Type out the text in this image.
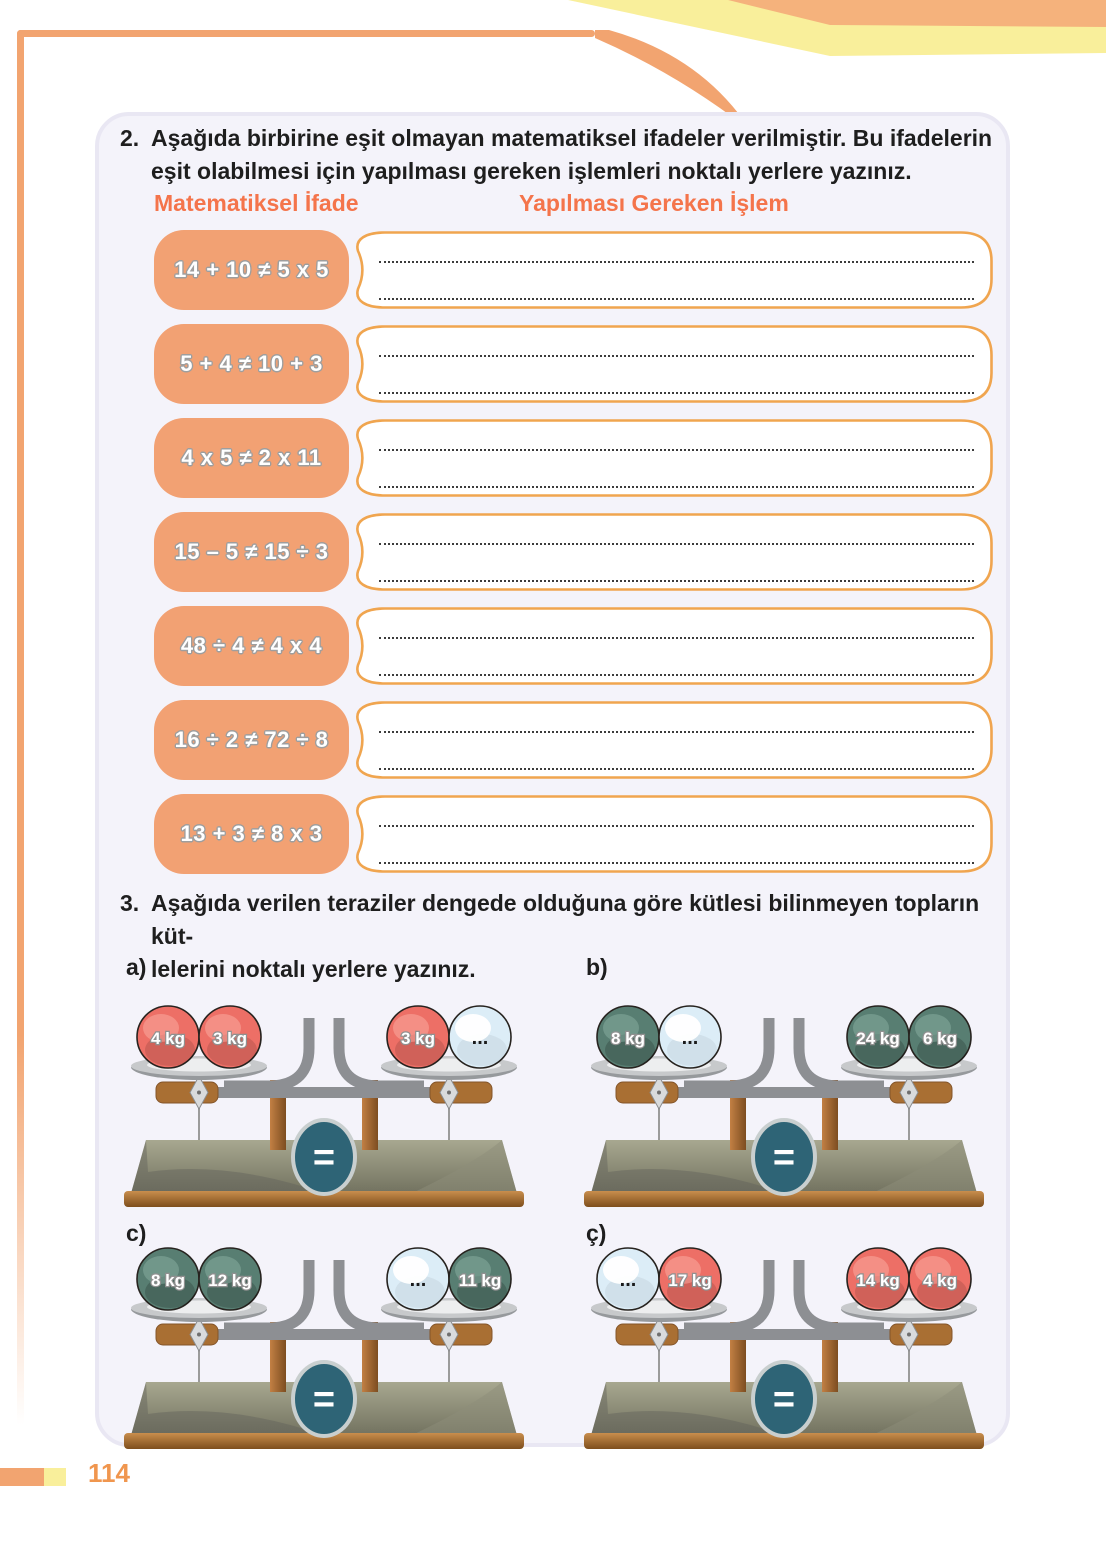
2. Aşağıda birbirine eşit olmayan matematiksel ifadeler verilmiştir. Bu ifadelerin eşit olabilmesi için yapılması gereken işlemleri noktalı yerlere yazınız.
Matematiksel İfade	Yapılması Gereken İşlem
14 + 10 ≠ 5 x 5
5 + 4 ≠ 10 + 3
4 x 5 ≠ 2 x 11
15 – 5 ≠ 15 ÷ 3
48 ÷ 4 ≠ 4 x 4
16 ÷ 2 ≠ 72 ÷ 8
13 + 3 ≠ 8 x 3
3. Aşağıda verilen teraziler dengede olduğuna göre kütlesi bilinmeyen topların küt-
lelerini noktalı yerlere yazınız.
a)
4 kg 3 kg	3 kg ...
=
b)
8 kg ...	24 kg 6 kg
=
c)
8 kg 12 kg	... 11 kg
=
ç)
... 17 kg	14 kg 4 kg
=
114
